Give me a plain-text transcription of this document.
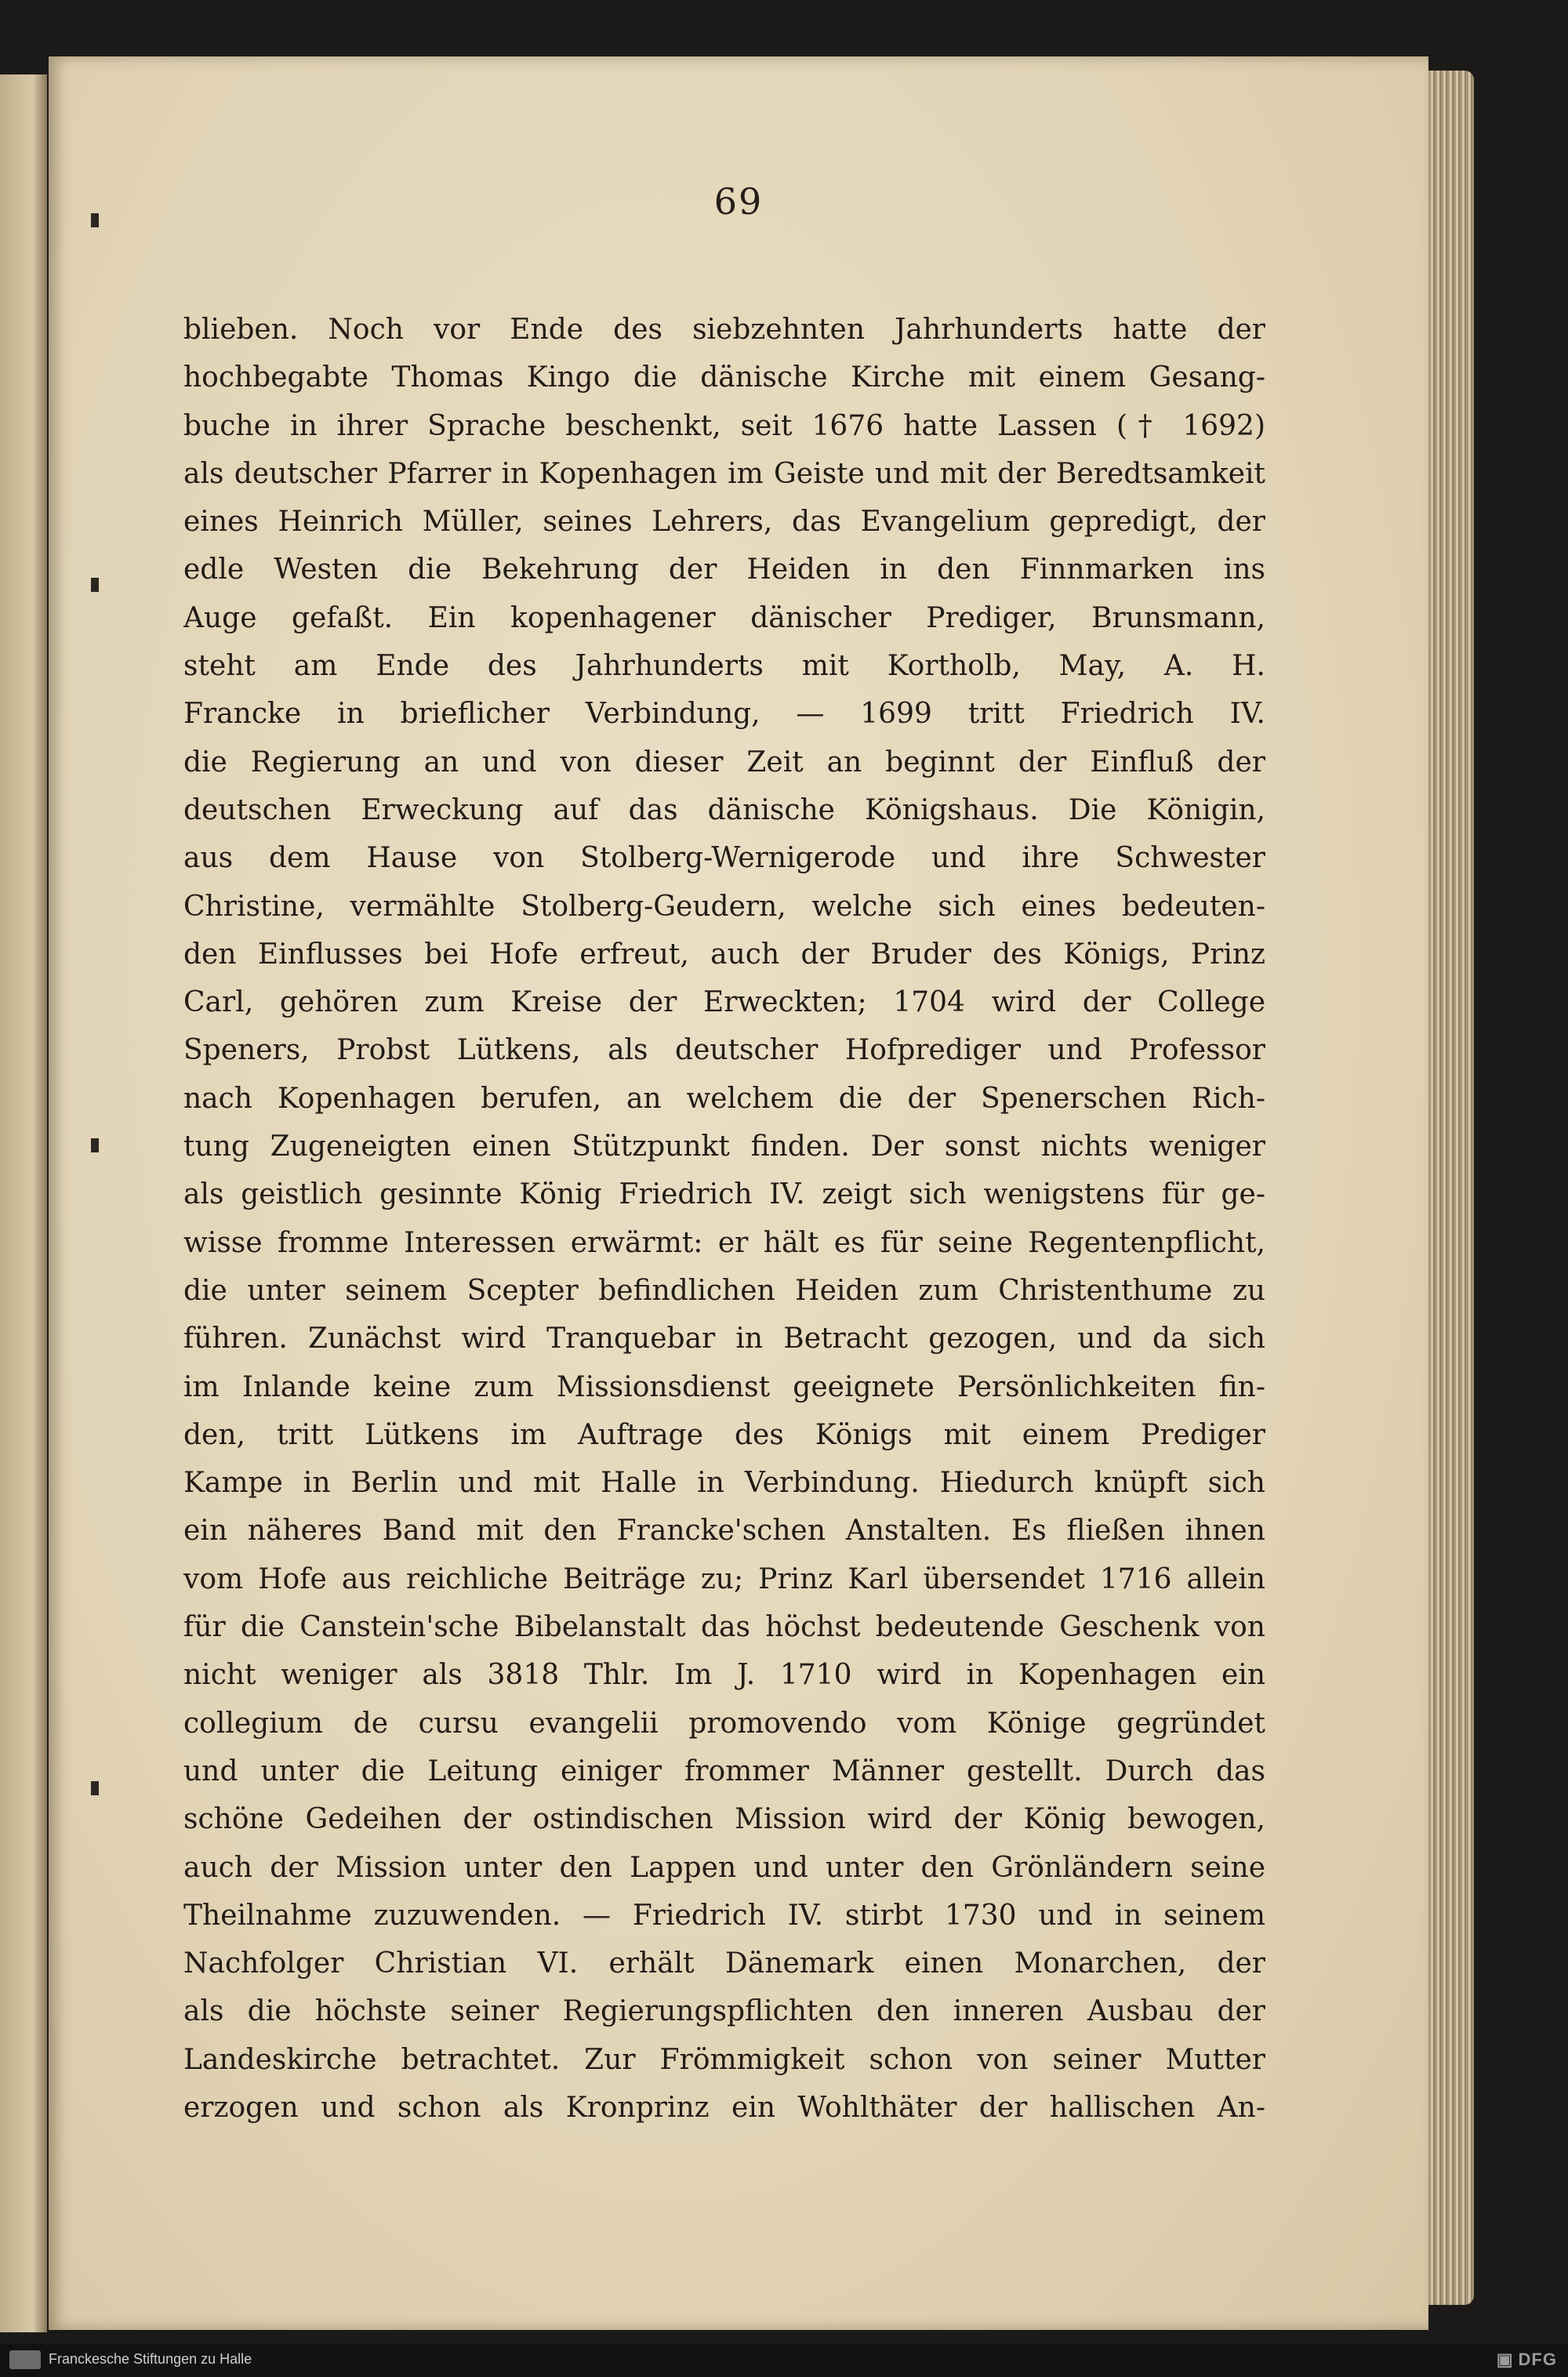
69
blieben. Noch vor Ende des siebzehnten Jahrhunderts hatte der
hochbegabte Thomas Kingo die dänische Kirche mit einem Gesang-
buche in ihrer Sprache beschenkt, seit 1676 hatte Lassen († 1692)
als deutscher Pfarrer in Kopenhagen im Geiste und mit der Beredtsamkeit
eines Heinrich Müller, seines Lehrers, das Evangelium gepredigt, der
edle Westen die Bekehrung der Heiden in den Finnmarken ins
Auge gefaßt. Ein kopenhagener dänischer Prediger, Brunsmann,
steht am Ende des Jahrhunderts mit Kortholb, May, A. H.
Francke in brieflicher Verbindung, — 1699 tritt Friedrich IV.
die Regierung an und von dieser Zeit an beginnt der Einfluß der
deutschen Erweckung auf das dänische Königshaus. Die Königin,
aus dem Hause von Stolberg-Wernigerode und ihre Schwester
Christine, vermählte Stolberg-Geudern, welche sich eines bedeuten-
den Einflusses bei Hofe erfreut, auch der Bruder des Königs, Prinz
Carl, gehören zum Kreise der Erweckten; 1704 wird der College
Speners, Probst Lütkens, als deutscher Hofprediger und Professor
nach Kopenhagen berufen, an welchem die der Spenerschen Rich-
tung Zugeneigten einen Stützpunkt finden. Der sonst nichts weniger
als geistlich gesinnte König Friedrich IV. zeigt sich wenigstens für ge-
wisse fromme Interessen erwärmt: er hält es für seine Regentenpflicht,
die unter seinem Scepter befindlichen Heiden zum Christenthume zu
führen. Zunächst wird Tranquebar in Betracht gezogen, und da sich
im Inlande keine zum Missionsdienst geeignete Persönlichkeiten fin-
den, tritt Lütkens im Auftrage des Königs mit einem Prediger
Kampe in Berlin und mit Halle in Verbindung. Hiedurch knüpft sich
ein näheres Band mit den Francke'schen Anstalten. Es fließen ihnen
vom Hofe aus reichliche Beiträge zu; Prinz Karl übersendet 1716 allein
für die Canstein'sche Bibelanstalt das höchst bedeutende Geschenk von
nicht weniger als 3818 Thlr. Im J. 1710 wird in Kopenhagen ein
collegium de cursu evangelii promovendo vom Könige gegründet
und unter die Leitung einiger frommer Männer gestellt. Durch das
schöne Gedeihen der ostindischen Mission wird der König bewogen,
auch der Mission unter den Lappen und unter den Grönländern seine
Theilnahme zuzuwenden. — Friedrich IV. stirbt 1730 und in seinem
Nachfolger Christian VI. erhält Dänemark einen Monarchen, der
als die höchste seiner Regierungspflichten den inneren Ausbau der
Landeskirche betrachtet. Zur Frömmigkeit schon von seiner Mutter
erzogen und schon als Kronprinz ein Wohlthäter der hallischen An-
Franckesche Stiftungen zu Halle	▣ DFG
